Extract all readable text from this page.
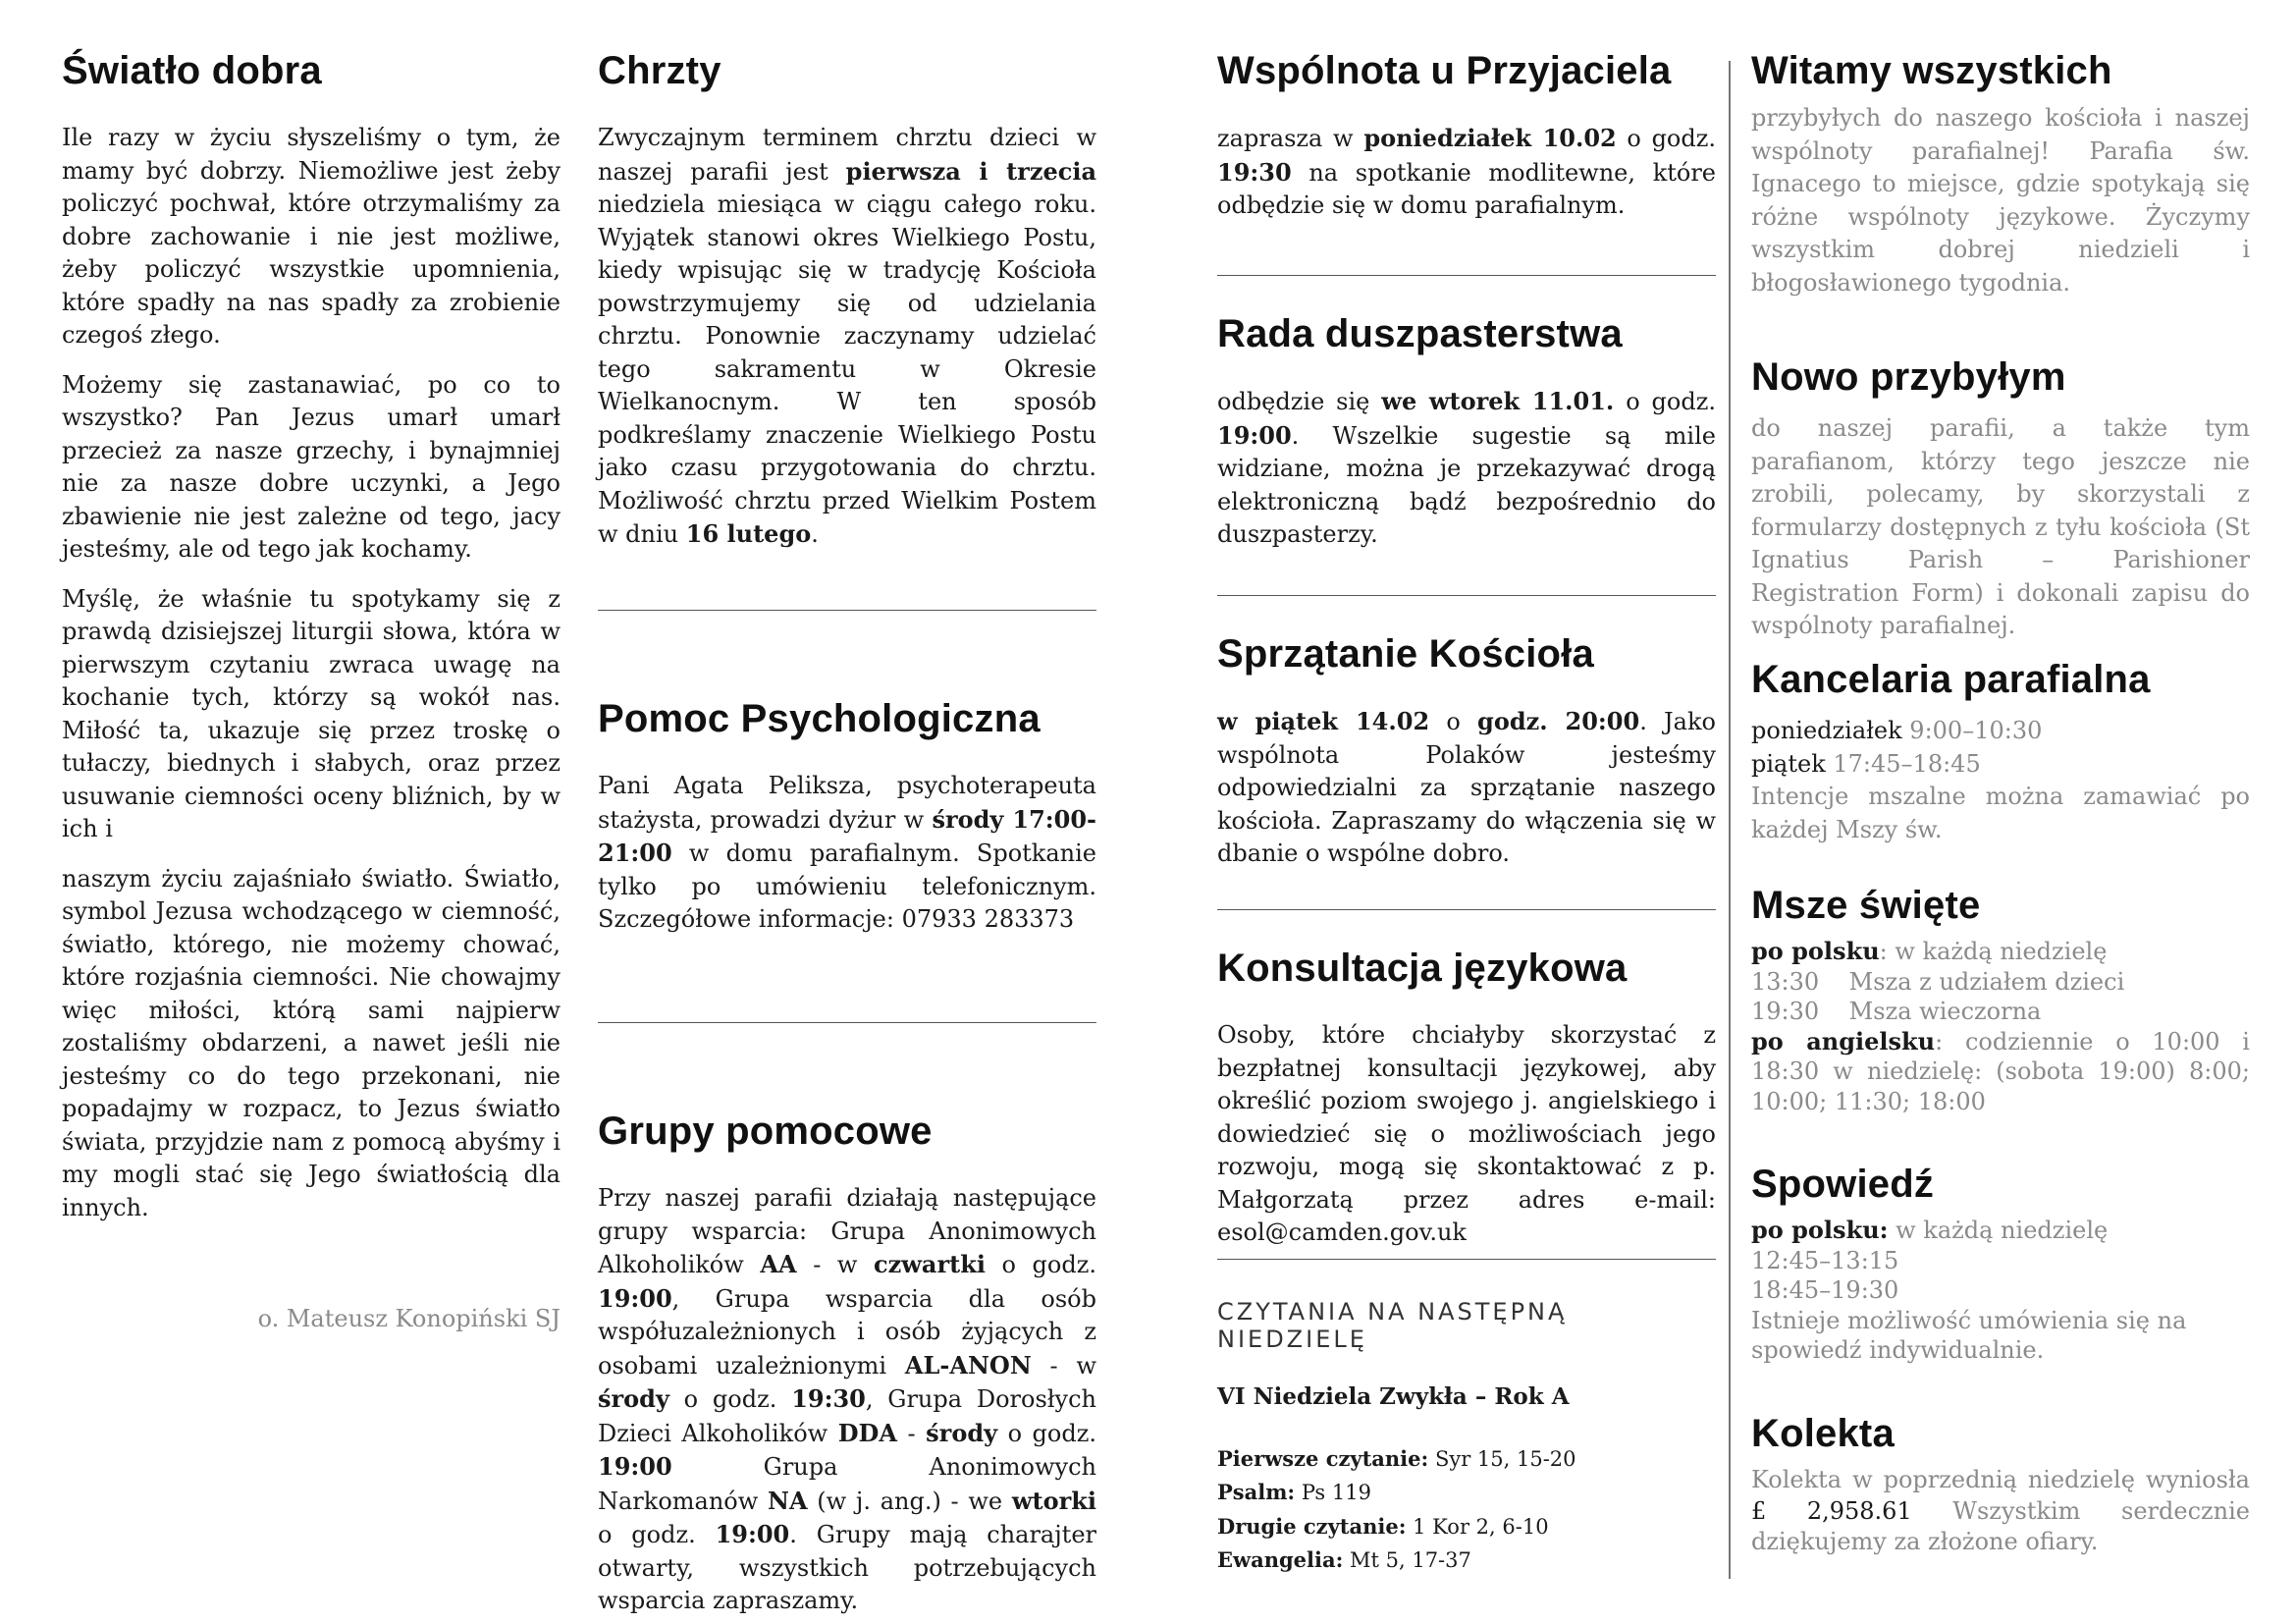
Światło dobra

Ile razy w życiu słyszeliśmy o tym, że mamy być dobrzy. Niemożliwe jest żeby policzyć pochwał, które otrzymaliśmy za dobre zachowanie i nie jest możliwe, żeby policzyć wszystkie upomnienia, które spadły na nas spadły za zrobienie czegoś złego.

Możemy się zastanawiać, po co to wszystko? Pan Jezus umarł umarł przecież za nasze grzechy, i bynajmniej nie za nasze dobre uczynki, a Jego zbawienie nie jest zależne od tego, jacy jesteśmy, ale od tego jak kochamy.

Myślę, że właśnie tu spotykamy się z prawdą dzisiejszej liturgii słowa, która w pierwszym czytaniu zwraca uwagę na kochanie tych, którzy są wokół nas. Miłość ta, ukazuje się przez troskę o tułaczy, biednych i słabych, oraz przez usuwanie ciemności oceny bliźnich, by w ich i

naszym życiu zajaśniało światło. Światło, symbol Jezusa wchodzącego w ciemność, światło, którego, nie możemy chować, które rozjaśnia ciemności. Nie chowajmy więc miłości, którą sami najpierw zostaliśmy obdarzeni, a nawet jeśli nie jesteśmy co do tego przekonani, nie popadajmy w rozpacz, to Jezus światło świata, przyjdzie nam z pomocą abyśmy i my mogli stać się Jego światłością dla innych.

o. Mateusz Konopiński SJ
Chrzty

Zwyczajnym terminem chrztu dzieci w naszej parafii jest pierwsza i trzecia niedziela miesiąca w ciągu całego roku. Wyjątek stanowi okres Wielkiego Postu, kiedy wpisując się w tradycję Kościoła powstrzymujemy się od udzielania chrztu. Ponownie zaczynamy udzielać tego sakramentu w Okresie Wielkanocnym. W ten sposób podkreślamy znaczenie Wielkiego Postu jako czasu przygotowania do chrztu. Możliwość chrztu przed Wielkim Postem w dniu 16 lutego.

Pomoc Psychologiczna

Pani Agata Peliksza, psychoterapeuta stażysta, prowadzi dyżur w środy 17:00-21:00 w domu parafialnym. Spotkanie tylko po umówieniu telefonicznym. Szczegółowe informacje: 07933 283373

Grupy pomocowe

Przy naszej parafii działają następujące grupy wsparcia: Grupa Anonimowych Alkoholików AA - w czwartki o godz. 19:00, Grupa wsparcia dla osób współuzależnionych i osób żyjących z osobami uzależnionymi AL-ANON - w środy o godz. 19:30, Grupa Dorosłych Dzieci Alkoholików DDA - środy o godz. 19:00 Grupa Anonimowych Narkomanów NA (w j. ang.) - we wtorki o godz. 19:00. Grupy mają charajter otwarty, wszystkich potrzebujących wsparcia zapraszamy.

Wspólnota u Przyjaciela

zaprasza w poniedziałek 10.02 o godz. 19:30 na spotkanie modlitewne, które odbędzie się w domu parafialnym.

Rada duszpasterstwa

odbędzie się we wtorek 11.01. o godz. 19:00. Wszelkie sugestie są mile widziane, można je przekazywać drogą elektroniczną bądź bezpośrednio do duszpasterzy.

Sprzątanie Kościoła

w piątek 14.02 o godz. 20:00. Jako wspólnota Polaków jesteśmy odpowiedzialni za sprzątanie naszego kościoła. Zapraszamy do włączenia się w dbanie o wspólne dobro.

Konsultacja językowa

Osoby, które chciałyby skorzystać z bezpłatnej konsultacji językowej, aby określić poziom swojego j. angielskiego i dowiedzieć się o możliwościach jego rozwoju, mogą się skontaktować z p. Małgorzatą przez adres e-mail: esol@camden.gov.uk

CZYTANIA NA NASTĘPNĄ NIEDZIELĘ
VI Niedziela Zwykła – Rok A
Pierwsze czytanie: Syr 15, 15-20
Psalm: Ps 119
Drugie czytanie: 1 Kor 2, 6-10
Ewangelia: Mt 5, 17-37
Witamy wszystkich

przybyłych do naszego kościoła i naszej wspólnoty parafialnej! Parafia św. Ignacego to miejsce, gdzie spotykają się różne wspólnoty językowe. Życzymy wszystkim dobrej niedzieli i błogosławionego tygodnia.

Nowo przybyłym

do naszej parafii, a także tym parafianom, którzy tego jeszcze nie zrobili, polecamy, by skorzystali z formularzy dostępnych z tyłu kościoła (St Ignatius Parish – Parishioner Registration Form) i dokonali zapisu do wspólnoty parafialnej.

Kancelaria parafialna
poniedziałek 9:00–10:30
piątek 17:45–18:45

Intencje mszalne można zamawiać po każdej Mszy św.

Msze święte
po polsku: w każdą niedzielę
13:30    Msza z udziałem dzieci
19:30    Msza wieczorna

po angielsku: codziennie o 10:00 i 18:30 w niedzielę: (sobota 19:00) 8:00; 10:00; 11:30; 18:00

Spowiedź
po polsku: w każdą niedzielę
12:45–13:15
18:45–19:30

Istnieje możliwość umówienia się na spowiedź indywidualnie.

Kolekta

Kolekta w poprzednią niedzielę wyniosła £ 2,958.61 Wszystkim serdecznie dziękujemy za złożone ofiary.
